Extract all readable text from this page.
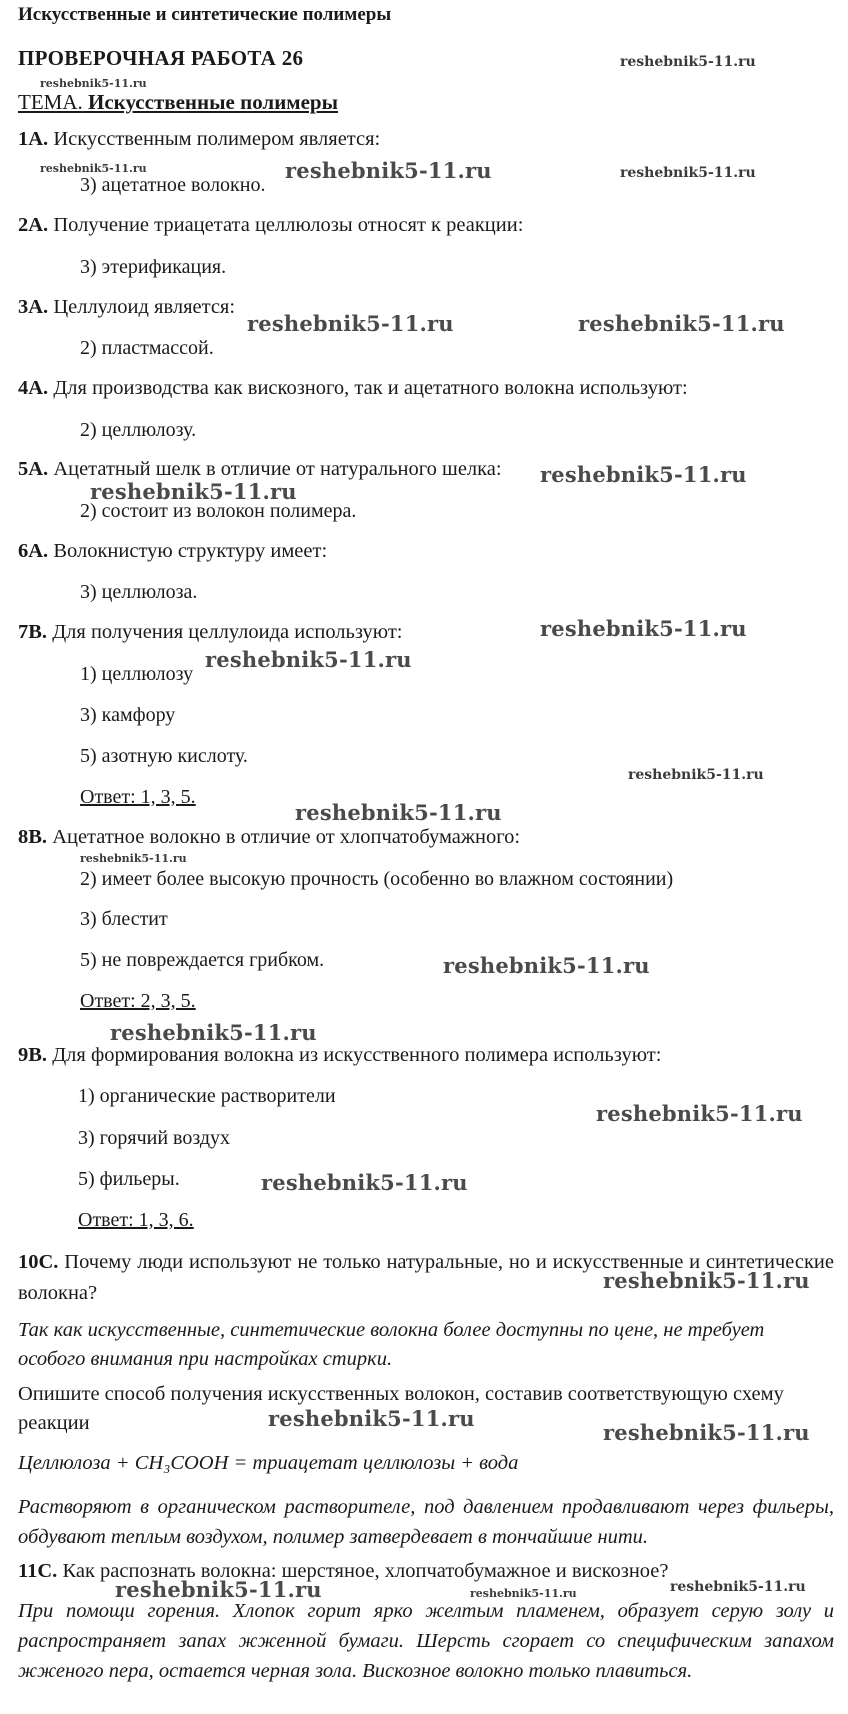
Искусственные и синтетические полимеры
ПРОВЕРОЧНАЯ РАБОТА 26
ТЕМА. Искусственные полимеры
1А. Искусственным полимером является:
3) ацетатное волокно.
2А. Получение триацетата целлюлозы относят к реакции:
3) этерификация.
3А. Целлулоид является:
2) пластмассой.
4А. Для производства как вискозного, так и ацетатного волокна используют:
2) целлюлозу.
5А. Ацетатный шелк в отличие от натурального шелка:
2) состоит из волокон полимера.
6А. Волокнистую структуру имеет:
3) целлюлоза.
7В. Для получения целлулоида используют:
1) целлюлозу
3) камфору
5) азотную кислоту.
Ответ: 1, 3, 5.
8В. Ацетатное волокно в отличие от хлопчатобумажного:
2) имеет более высокую прочность (особенно во влажном состоянии)
3) блестит
5) не повреждается грибком.
Ответ: 2, 3, 5.
9В. Для формирования волокна из искусственного полимера используют:
1) органические растворители
3) горячий воздух
5) фильеры.
Ответ: 1, 3, 6.
10С. Почему люди используют не только натуральные, но и искусственные и синтетические волокна?
Так как искусственные, синтетические волокна более доступны по цене, не требует особого внимания при настройках стирки.
Опишите способ получения искусственных волокон, составив соответствующую схему реакции
Целлюлоза + CH₃COOH = триацетат целлюлозы + вода
Растворяют в органическом растворителе, под давлением продавливают через фильеры, обдувают теплым воздухом, полимер затвердевает в тончайшие нити.
11С. Как распознать волокна: шерстяное, хлопчатобумажное и вискозное?
При помощи горения. Хлопок горит ярко желтым пламенем, образует серую золу и распространяет запах жженной бумаги. Шерсть сгорает со специфическим запахом жженого пера, остается черная зола. Вискозное волокно только плавиться.
reshebnik5-11.ru
reshebnik5-11.ru
reshebnik5-11.ru	reshebnik5-11.ru	reshebnik5-11.ru
reshebnik5-11.ru	reshebnik5-11.ru
reshebnik5-11.ru
reshebnik5-11.ru
reshebnik5-11.ru
reshebnik5-11.ru
reshebnik5-11.ru
reshebnik5-11.ru
reshebnik5-11.ru
reshebnik5-11.ru
reshebnik5-11.ru
reshebnik5-11.ru
reshebnik5-11.ru
reshebnik5-11.ru
reshebnik5-11.ru
reshebnik5-11.ru
reshebnik5-11.ru	reshebnik5-11.ru	reshebnik5-11.ru
